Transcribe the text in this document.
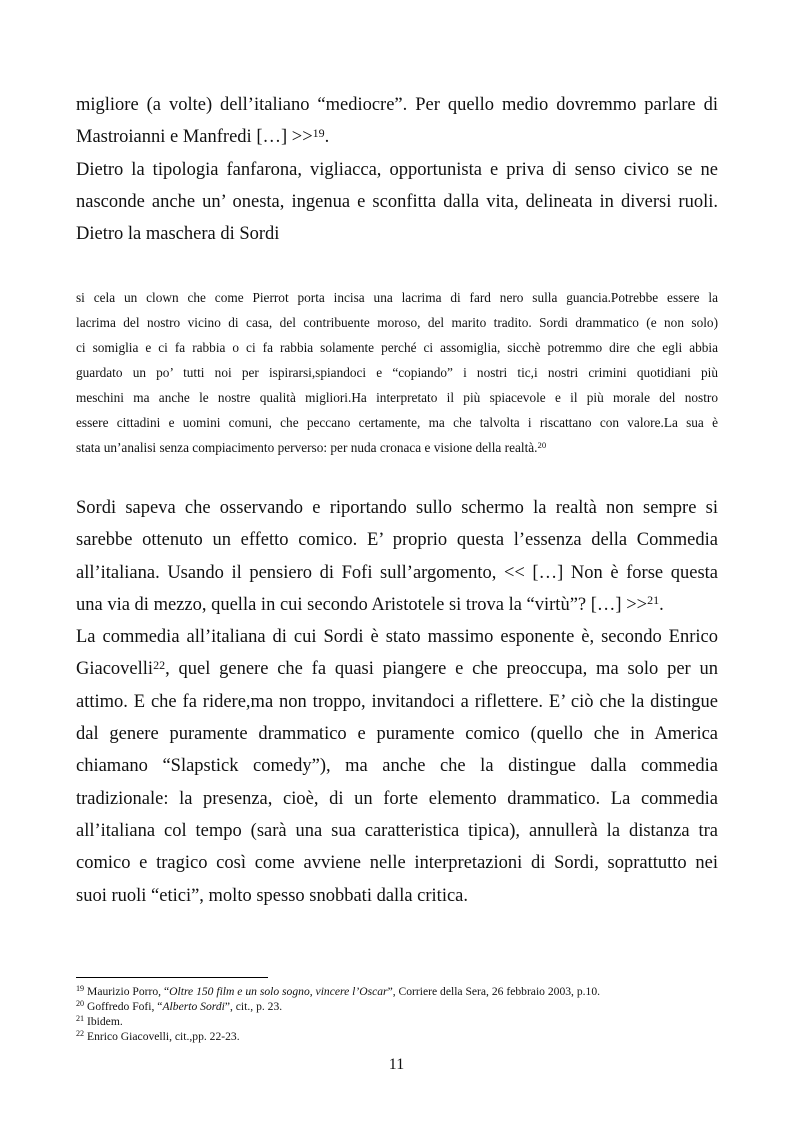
migliore (a volte) dell’italiano “mediocre”. Per quello medio dovremmo parlare di
Mastroianni e Manfredi […] >>$^{19}$.
Dietro la tipologia fanfarona, vigliacca, opportunista e priva di senso civico se ne
nasconde anche un’ onesta, ingenua e sconfitta dalla vita, delineata in diversi ruoli.
Dietro la maschera di Sordi
si cela un clown che come Pierrot porta incisa una lacrima di fard nero sulla guancia.Potrebbe essere la
lacrima del nostro vicino di casa, del contribuente moroso, del marito tradito. Sordi drammatico (e non solo)
ci somiglia e ci fa rabbia o ci fa rabbia solamente perché ci assomiglia, sicchè potremmo dire che egli abbia
guardato un po’ tutti noi per ispirarsi,spiandoci e “copiando” i nostri tic,i nostri crimini quotidiani più
meschini ma anche le nostre qualità migliori.Ha interpretato il più spiacevole e il più morale del nostro
essere cittadini e uomini comuni, che peccano certamente, ma che talvolta i riscattano con valore.La sua è
stata un’analisi senza compiacimento perverso: per nuda cronaca e visione della realtà.$^{20}$
Sordi sapeva che osservando e riportando sullo schermo la realtà non sempre si
sarebbe ottenuto un effetto comico. E’ proprio questa l’essenza della Commedia
all’italiana. Usando il pensiero di Fofi sull’argomento, << […] Non è forse questa
una via di mezzo, quella in cui secondo Aristotele si trova la “virtù”? […] >>$^{21}$.
La commedia all’italiana di cui Sordi è stato massimo esponente è, secondo Enrico
Giacovelli$^{22}$, quel genere che fa quasi piangere e che preoccupa, ma solo per un
attimo. E che fa ridere,ma non troppo, invitandoci a riflettere. E’ ciò che la distingue
dal genere puramente drammatico e puramente comico (quello che in America
chiamano “Slapstick comedy”), ma anche che la distingue dalla commedia
tradizionale: la presenza, cioè, di un forte elemento drammatico. La commedia
all’italiana col tempo (sarà una sua caratteristica tipica), annullerà la distanza tra
comico e tragico così come avviene nelle interpretazioni di Sordi, soprattutto nei
suoi ruoli “etici”, molto spesso snobbati dalla critica.
$^{19}$ Maurizio Porro, “Oltre 150 film e un solo sogno, vincere l’Oscar”, Corriere della Sera, 26 febbraio 2003, p.10.
$^{20}$ Goffredo Fofi, “Alberto Sordi”, cit., p. 23.
$^{21}$ Ibidem.
$^{22}$ Enrico Giacovelli, cit.,pp. 22-23.
11
